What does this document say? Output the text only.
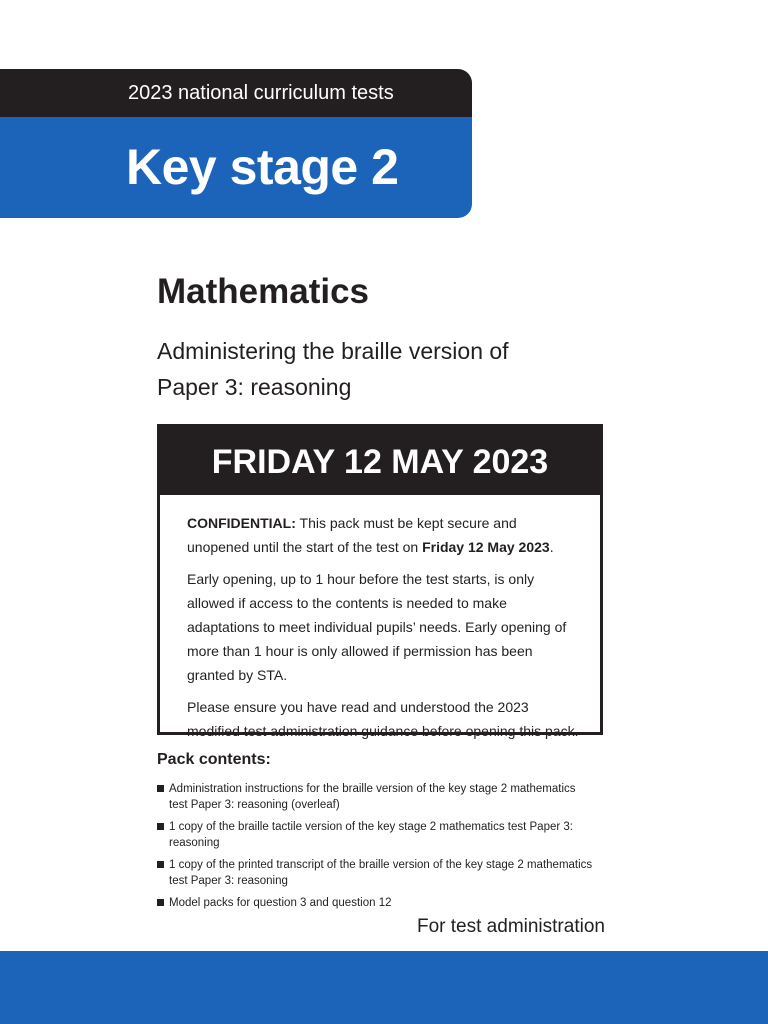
2023 national curriculum tests
Key stage 2
Mathematics
Administering the braille version of
Paper 3: reasoning
FRIDAY 12 MAY 2023

CONFIDENTIAL: This pack must be kept secure and unopened until the start of the test on Friday 12 May 2023.

Early opening, up to 1 hour before the test starts, is only allowed if access to the contents is needed to make adaptations to meet individual pupils’ needs. Early opening of more than 1 hour is only allowed if permission has been granted by STA.

Please ensure you have read and understood the 2023 modified test administration guidance before opening this pack.

Pack contents:
Administration instructions for the braille version of the key stage 2 mathematics test Paper 3: reasoning (overleaf)
1 copy of the braille tactile version of the key stage 2 mathematics test Paper 3: reasoning
1 copy of the printed transcript of the braille version of the key stage 2 mathematics test Paper 3: reasoning
Model packs for question 3 and question 12
For test administration
